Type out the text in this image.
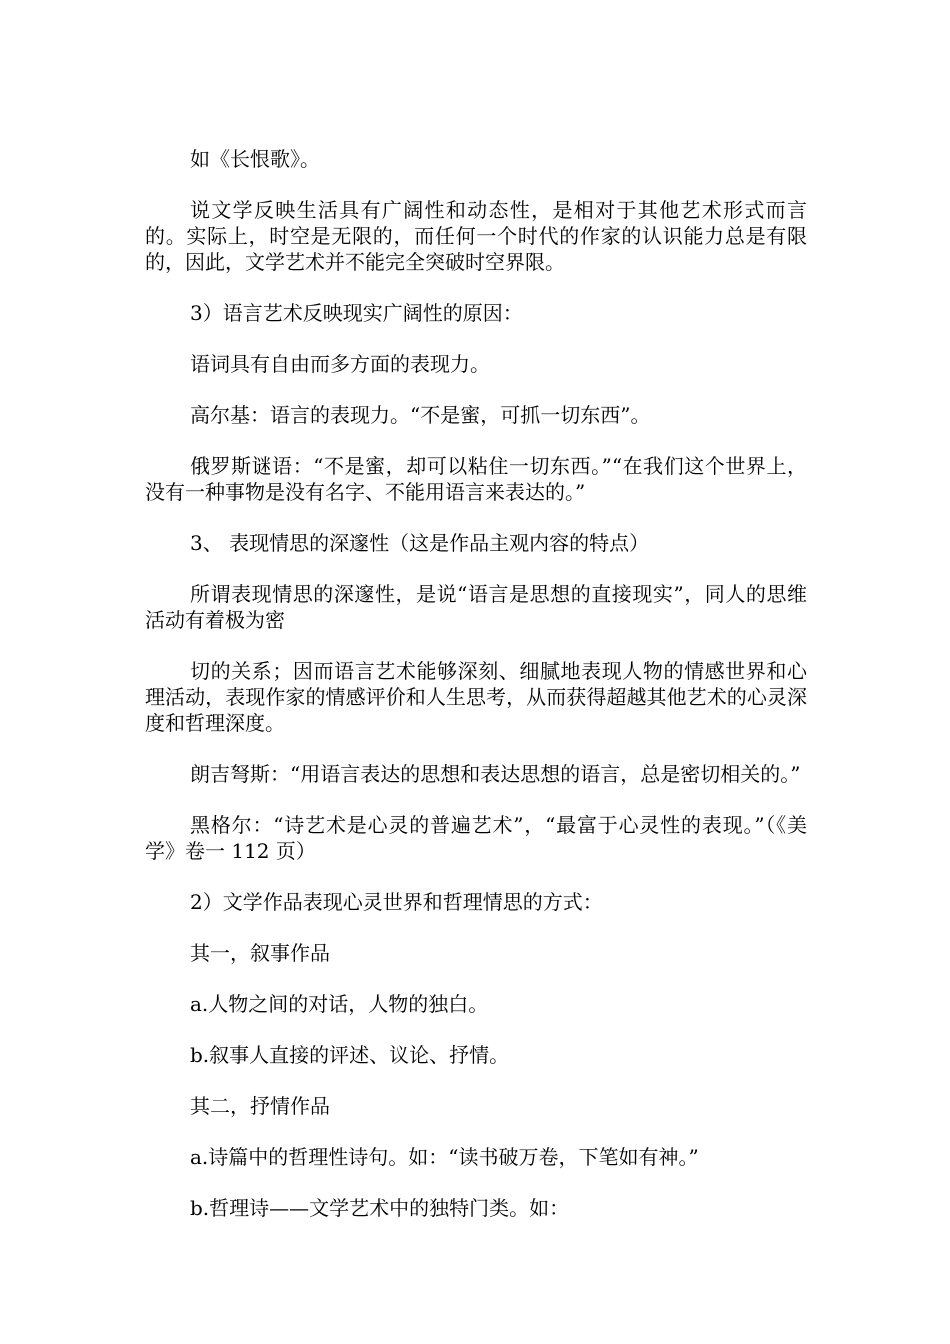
如《长恨歌》。

说文学反映生活具有广阔性和动态性，是相对于其他艺术形式而言的。实际上，时空是无限的，而任何一个时代的作家的认识能力总是有限的，因此，文学艺术并不能完全突破时空界限。

3）语言艺术反映现实广阔性的原因：

语词具有自由而多方面的表现力。

高尔基：语言的表现力。“不是蜜，可抓一切东西”。

俄罗斯谜语：“不是蜜，却可以粘住一切东西。”“在我们这个世界上，没有一种事物是没有名字、不能用语言来表达的。”

3、 表现情思的深邃性（这是作品主观内容的特点）

所谓表现情思的深邃性，是说“语言是思想的直接现实”，同人的思维活动有着极为密

切的关系；因而语言艺术能够深刻、细腻地表现人物的情感世界和心理活动，表现作家的情感评价和人生思考，从而获得超越其他艺术的心灵深度和哲理深度。

朗吉弩斯：“用语言表达的思想和表达思想的语言，总是密切相关的。”

黑格尔：“诗艺术是心灵的普遍艺术”，“最富于心灵性的表现。”（《美学》卷一 112 页）

2）文学作品表现心灵世界和哲理情思的方式：

其一，叙事作品

a.人物之间的对话，人物的独白。

b.叙事人直接的评述、议论、抒情。

其二，抒情作品

a.诗篇中的哲理性诗句。如：“读书破万卷，下笔如有神。”

b.哲理诗——文学艺术中的独特门类。如：
